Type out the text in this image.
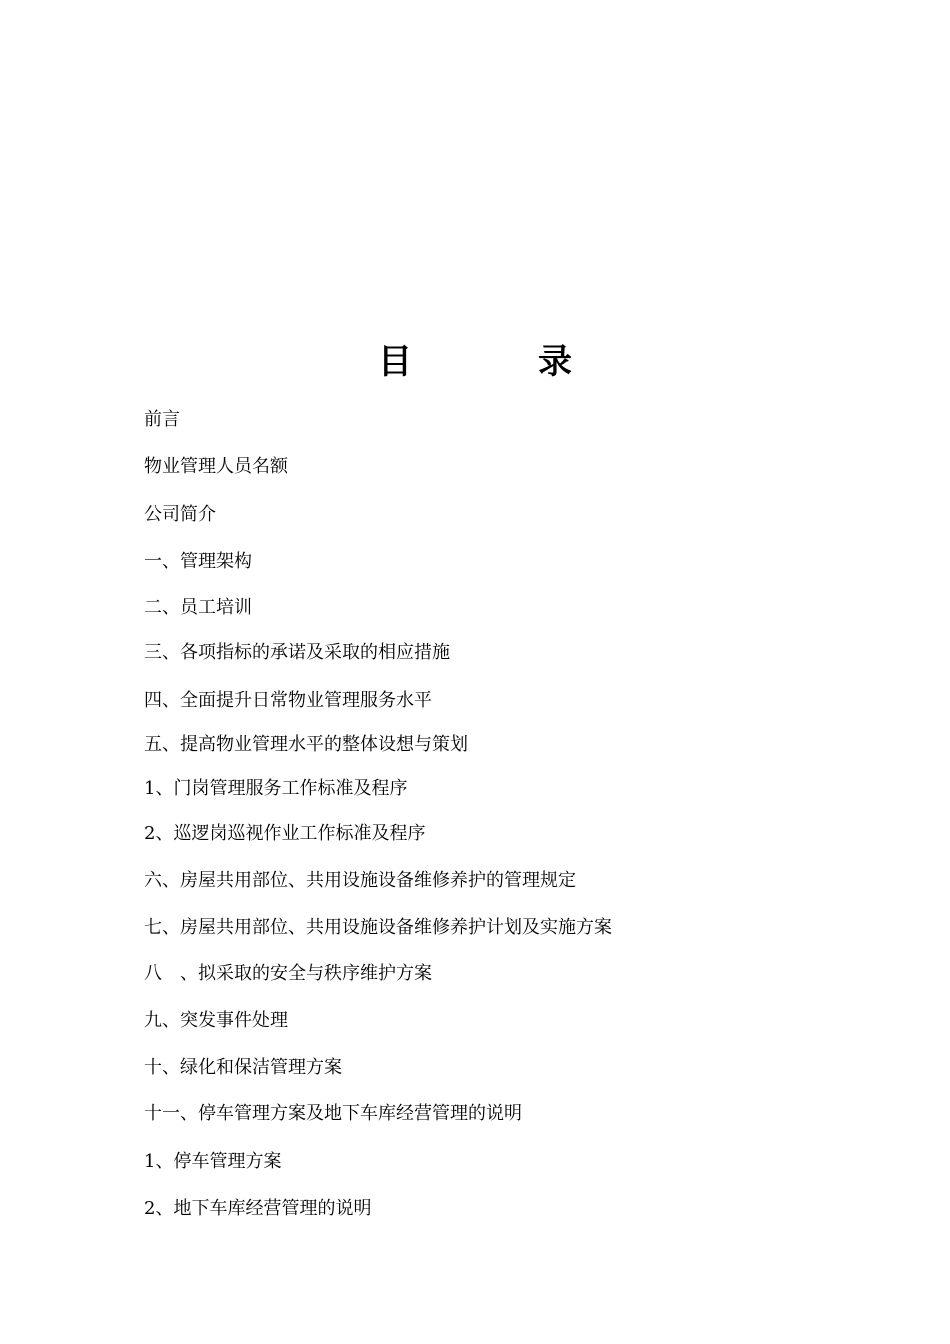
目　录
前言
物业管理人员名额
公司简介
一、管理架构
二、员工培训
三、各项指标的承诺及采取的相应措施
四、全面提升日常物业管理服务水平
五、提高物业管理水平的整体设想与策划
1、门岗管理服务工作标准及程序
2、巡逻岗巡视作业工作标准及程序
六、房屋共用部位、共用设施设备维修养护的管理规定
七、房屋共用部位、共用设施设备维修养护计划及实施方案
八　、拟采取的安全与秩序维护方案
九、突发事件处理
十、绿化和保洁管理方案
十一、停车管理方案及地下车库经营管理的说明
1、停车管理方案
2、地下车库经营管理的说明
